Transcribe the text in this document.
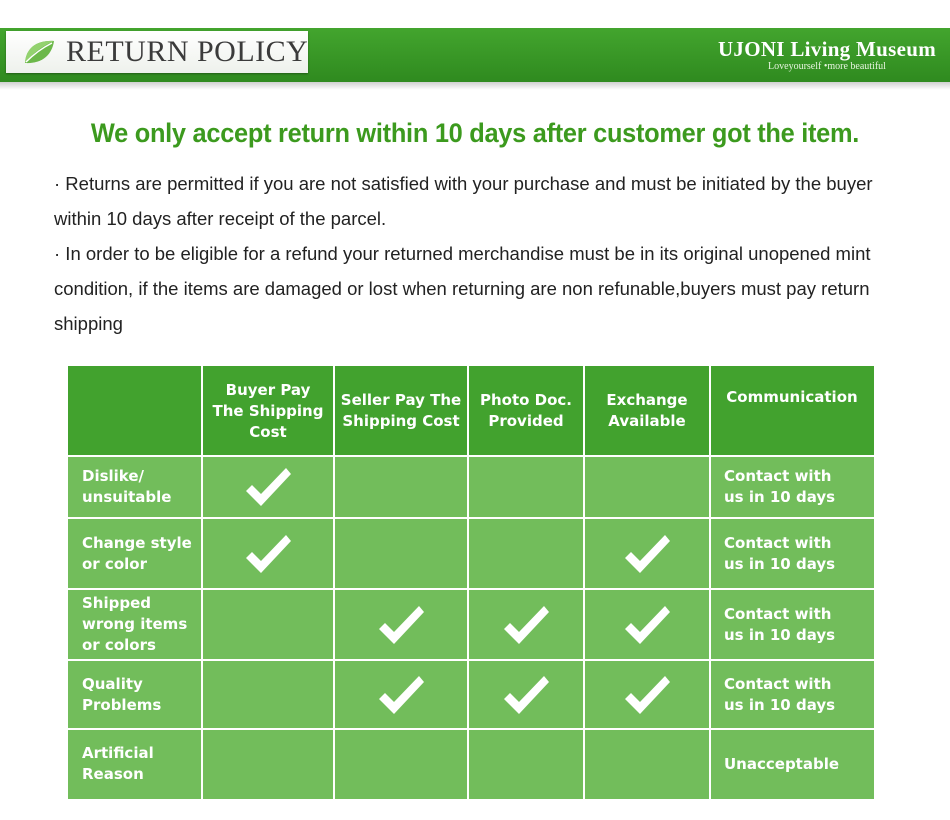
RETURN POLICY	UJONI Living Museum
Loveyourself •more beautiful
We only accept return within 10 days after customer got the item.
· Returns are permitted if you are not satisfied with your purchase and must be initiated by the buyer within 10 days after receipt of the parcel.
· In order to be eligible for a refund your returned merchandise must be in its original unopened mint condition, if the items are damaged or lost when returning are non refunable,buyers must pay return shipping
Buyer Pay The Shipping Cost
Seller Pay The Shipping Cost
Photo Doc. Provided
Exchange Available
Communication
Dislike/ unsuitable
Contact with us in 10 days
Change style or color
Contact with us in 10 days
Shipped wrong items or colors
Contact with us in 10 days
Quality Problems
Contact with us in 10 days
Artificial Reason
Unacceptable
